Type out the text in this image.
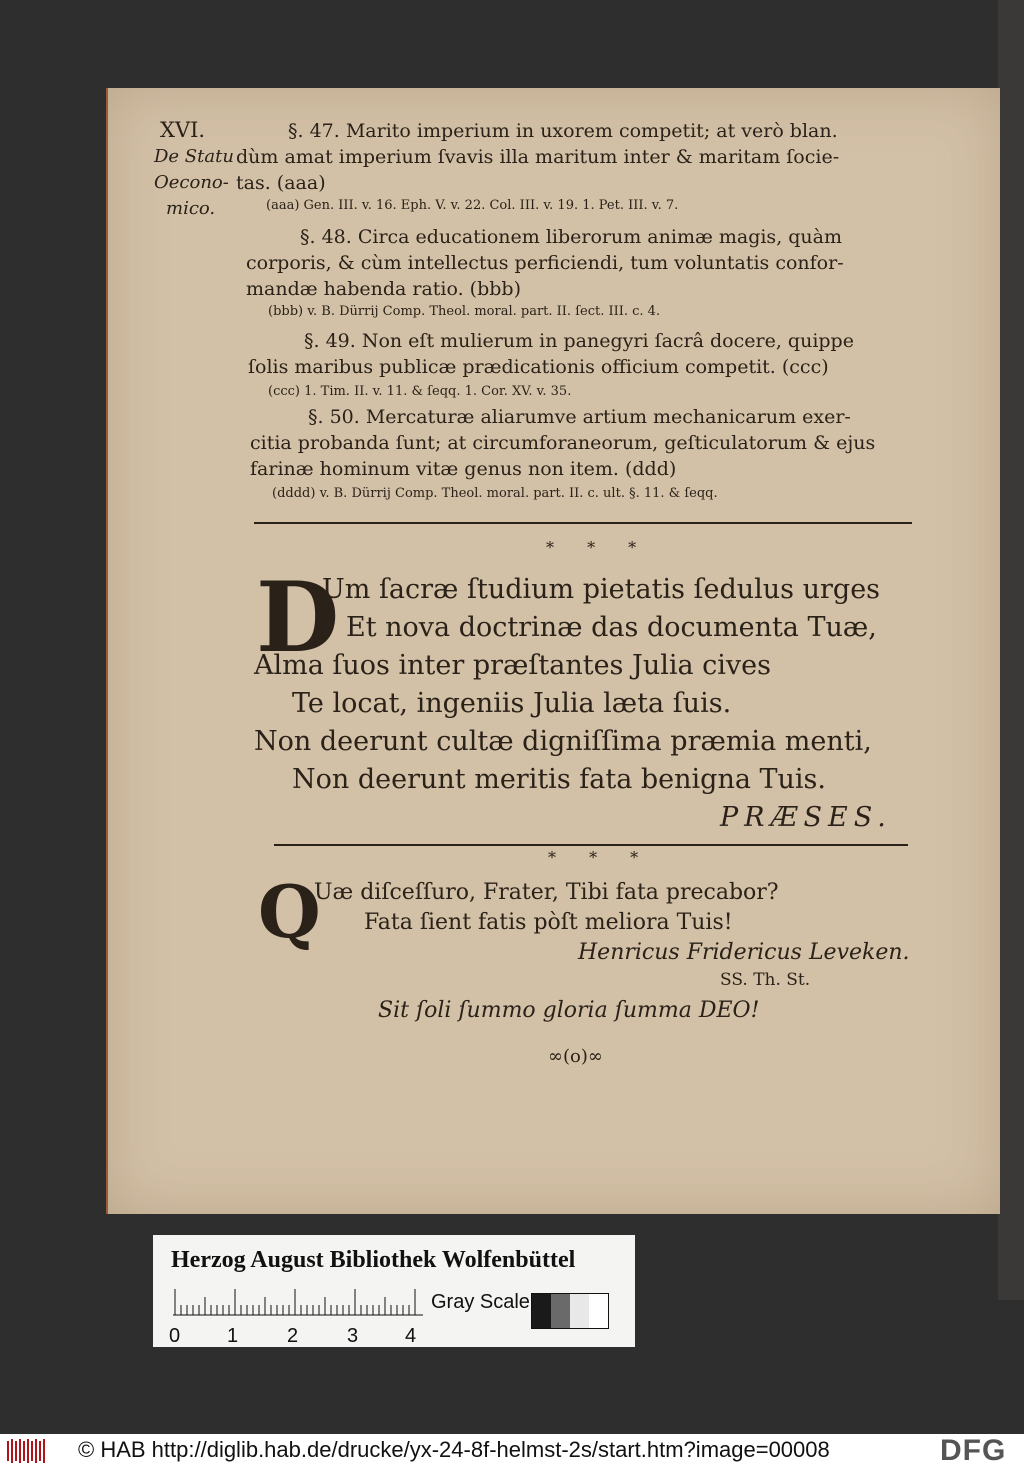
XVI.
De Statu
Oecono-
mico.
§. 47. Marito imperium in uxorem competit; at verò blan.
dùm amat imperium ſvavis illa maritum inter & maritam ſocie-
tas. (aaa)
(aaa) Gen. III. v. 16. Eph. V. v. 22. Col. III. v. 19. 1. Pet. III. v. 7.
§. 48. Circa educationem liberorum animæ magis, quàm
corporis, & cùm intellectus perficiendi, tum voluntatis confor-
mandæ habenda ratio. (bbb)
(bbb) v. B. Dürrij Comp. Theol. moral. part. II. ſect. III. c. 4.
§. 49. Non eſt mulierum in panegyri ſacrâ docere, quippe
ſolis maribus publicæ prædicationis officium competit. (ccc)
(ccc) 1. Tim. II. v. 11. & ſeqq. 1. Cor. XV. v. 35.
§. 50. Mercaturæ aliarumve artium mechanicarum exer-
citia probanda ſunt; at circumforaneorum, geſticulatorum & ejus
farinæ hominum vitæ genus non item. (ddd)
(dddd) v. B. Dürrij Comp. Theol. moral. part. II. c. ult. §. 11. & ſeqq.
* * *
D
Um ſacræ ſtudium pietatis ſedulus urges
Et nova doctrinæ das documenta Tuæ,
Alma ſuos inter præſtantes Julia cives
Te locat, ingeniis Julia læta ſuis.
Non deerunt cultæ digniſſima præmia menti,
Non deerunt meritis fata benigna Tuis.
PRÆSES.
* * *
Q
Uæ diſceſſuro, Frater, Tibi fata precabor?
Fata ſient fatis pòſt meliora Tuis!
Henricus Fridericus Leveken.
SS. Th. St.
Sit ſoli ſummo gloria ſumma DEO!
∞(o)∞
Herzog August Bibliothek Wolfenbüttel
Gray Scale
0 1 2 3 4
© HAB http://diglib.hab.de/drucke/yx-24-8f-helmst-2s/start.htm?image=00008	DFG
